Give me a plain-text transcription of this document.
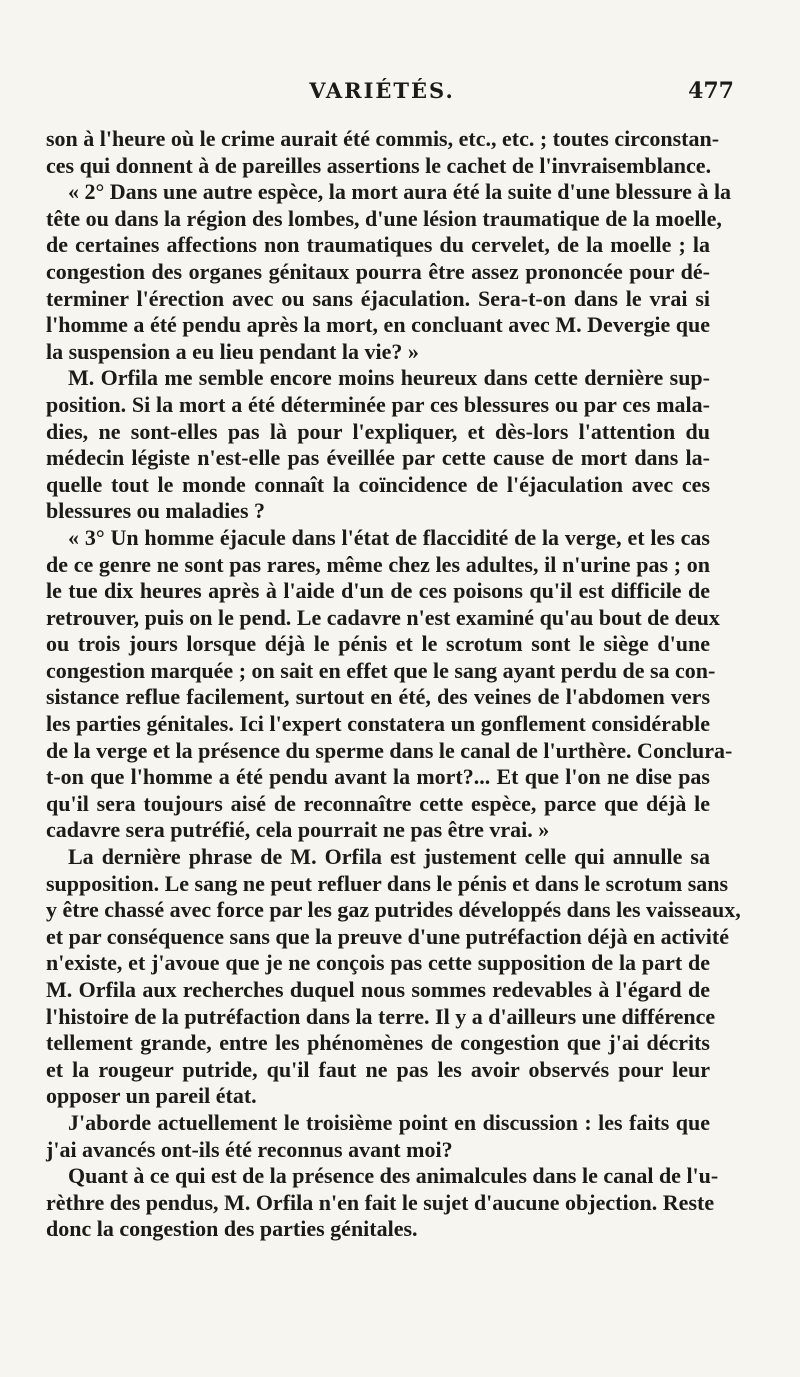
VARIÉTÉS.	477
son à l'heure où le crime aurait été commis, etc., etc. ; toutes circonstan-
ces qui donnent à de pareilles assertions le cachet de l'invraisemblance.
« 2° Dans une autre espèce, la mort aura été la suite d'une blessure à la
tête ou dans la région des lombes, d'une lésion traumatique de la moelle,
de certaines affections non traumatiques du cervelet, de la moelle ; la
congestion des organes génitaux pourra être assez prononcée pour dé-
terminer l'érection avec ou sans éjaculation. Sera-t-on dans le vrai si
l'homme a été pendu après la mort, en concluant avec M. Devergie que
la suspension a eu lieu pendant la vie? »
M. Orfila me semble encore moins heureux dans cette dernière sup-
position. Si la mort a été déterminée par ces blessures ou par ces mala-
dies, ne sont-elles pas là pour l'expliquer, et dès-lors l'attention du
médecin légiste n'est-elle pas éveillée par cette cause de mort dans la-
quelle tout le monde connaît la coïncidence de l'éjaculation avec ces
blessures ou maladies ?
« 3° Un homme éjacule dans l'état de flaccidité de la verge, et les cas
de ce genre ne sont pas rares, même chez les adultes, il n'urine pas ; on
le tue dix heures après à l'aide d'un de ces poisons qu'il est difficile de
retrouver, puis on le pend. Le cadavre n'est examiné qu'au bout de deux
ou trois jours lorsque déjà le pénis et le scrotum sont le siège d'une
congestion marquée ; on sait en effet que le sang ayant perdu de sa con-
sistance reflue facilement, surtout en été, des veines de l'abdomen vers
les parties génitales. Ici l'expert constatera un gonflement considérable
de la verge et la présence du sperme dans le canal de l'urthère. Conclura-
t-on que l'homme a été pendu avant la mort?... Et que l'on ne dise pas
qu'il sera toujours aisé de reconnaître cette espèce, parce que déjà le
cadavre sera putréfié, cela pourrait ne pas être vrai. »
La dernière phrase de M. Orfila est justement celle qui annulle sa
supposition. Le sang ne peut refluer dans le pénis et dans le scrotum sans
y être chassé avec force par les gaz putrides développés dans les vaisseaux,
et par conséquence sans que la preuve d'une putréfaction déjà en activité
n'existe, et j'avoue que je ne conçois pas cette supposition de la part de
M. Orfila aux recherches duquel nous sommes redevables à l'égard de
l'histoire de la putréfaction dans la terre. Il y a d'ailleurs une différence
tellement grande, entre les phénomènes de congestion que j'ai décrits
et la rougeur putride, qu'il faut ne pas les avoir observés pour leur
opposer un pareil état.
J'aborde actuellement le troisième point en discussion : les faits que
j'ai avancés ont-ils été reconnus avant moi?
Quant à ce qui est de la présence des animalcules dans le canal de l'u-
rèthre des pendus, M. Orfila n'en fait le sujet d'aucune objection. Reste
donc la congestion des parties génitales.
